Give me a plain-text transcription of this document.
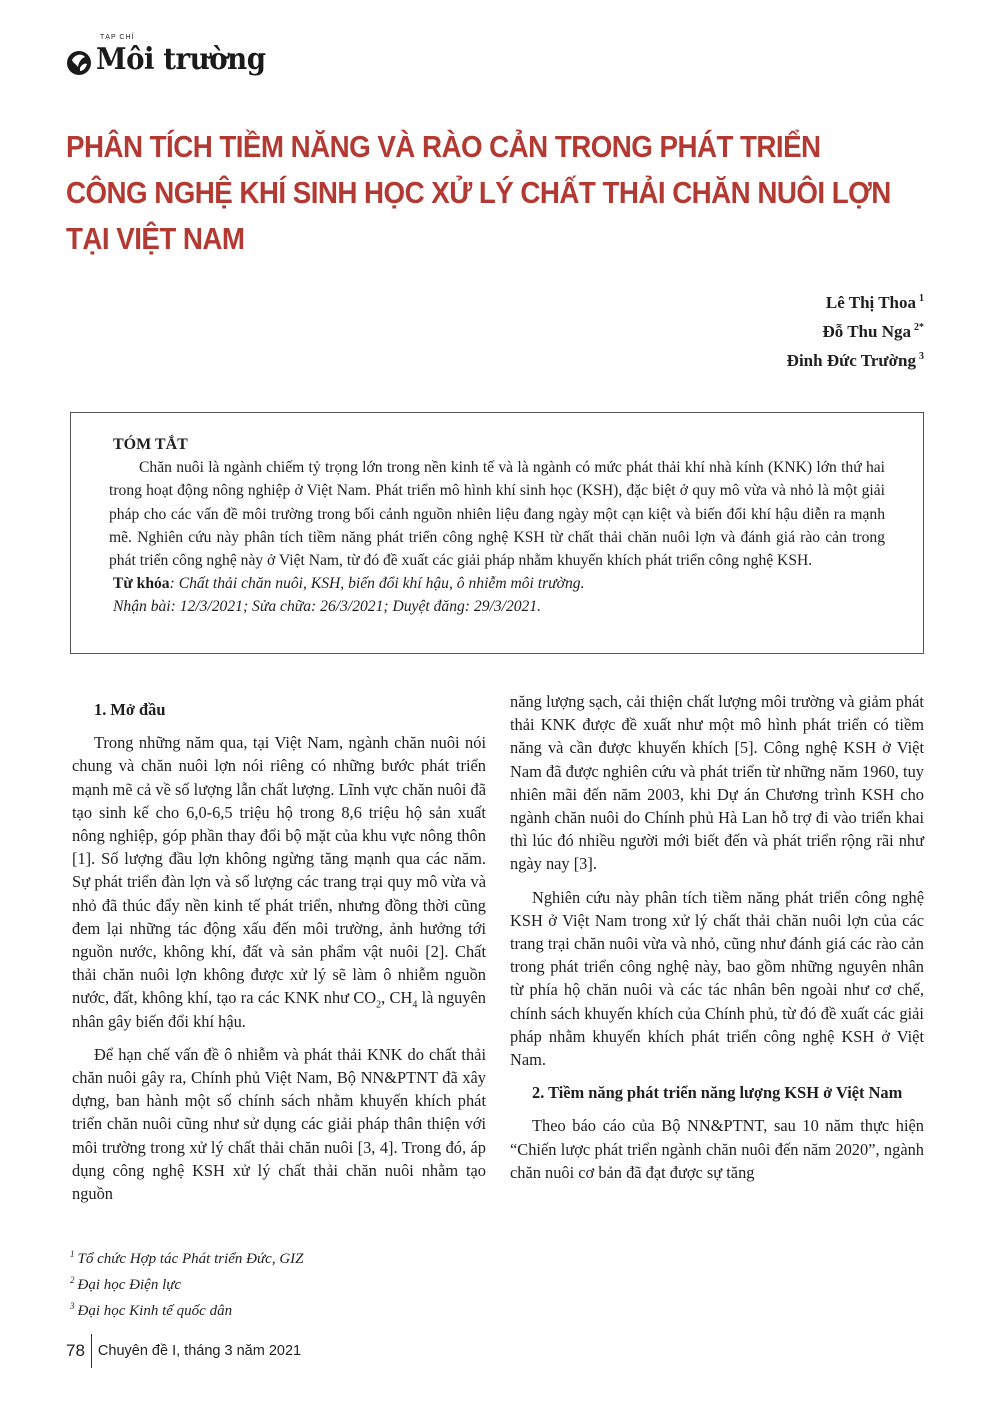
Môi trường
TẠP CHÍ
PHÂN TÍCH TIỀM NĂNG VÀ RÀO CẢN TRONG PHÁT TRIỂN
CÔNG NGHỆ KHÍ SINH HỌC XỬ LÝ CHẤT THẢI CHĂN NUÔI LỢN
TẠI VIỆT NAM
Lê Thị Thoa $^1$
Đỗ Thu Nga $^{2*}$
Đinh Đức Trường $^3$
TÓM TẮT

Chăn nuôi là ngành chiếm tỷ trọng lớn trong nền kinh tế và là ngành có mức phát thải khí nhà kính (KNK) lớn thứ hai trong hoạt động nông nghiệp ở Việt Nam. Phát triển mô hình khí sinh học (KSH), đặc biệt ở quy mô vừa và nhỏ là một giải pháp cho các vấn đề môi trường trong bối cảnh nguồn nhiên liệu đang ngày một cạn kiệt và biến đổi khí hậu diễn ra mạnh mẽ. Nghiên cứu này phân tích tiềm năng phát triển công nghệ KSH từ chất thải chăn nuôi lợn và đánh giá rào cản trong phát triển công nghệ này ở Việt Nam, từ đó đề xuất các giải pháp nhằm khuyến khích phát triển công nghệ KSH.

Từ khóa: Chất thải chăn nuôi, KSH, biến đổi khí hậu, ô nhiễm môi trường.

Nhận bài: 12/3/2021; Sửa chữa: 26/3/2021; Duyệt đăng: 29/3/2021.

1. Mở đầu

Trong những năm qua, tại Việt Nam, ngành chăn nuôi nói chung và chăn nuôi lợn nói riêng có những bước phát triển mạnh mẽ cả về số lượng lẫn chất lượng. Lĩnh vực chăn nuôi đã tạo sinh kế cho 6,0-6,5 triệu hộ trong 8,6 triệu hộ sản xuất nông nghiệp, góp phần thay đổi bộ mặt của khu vực nông thôn [1]. Số lượng đầu lợn không ngừng tăng mạnh qua các năm. Sự phát triển đàn lợn và số lượng các trang trại quy mô vừa và nhỏ đã thúc đẩy nền kinh tế phát triển, nhưng đồng thời cũng đem lại những tác động xấu đến môi trường, ảnh hưởng tới nguồn nước, không khí, đất và sản phẩm vật nuôi [2]. Chất thải chăn nuôi lợn không được xử lý sẽ làm ô nhiễm nguồn nước, đất, không khí, tạo ra các KNK như $CO_2$, $CH_4$ là nguyên nhân gây biến đổi khí hậu.

Để hạn chế vấn đề ô nhiễm và phát thải KNK do chất thải chăn nuôi gây ra, Chính phủ Việt Nam, Bộ NN&PTNT đã xây dựng, ban hành một số chính sách nhằm khuyến khích phát triển chăn nuôi cũng như sử dụng các giải pháp thân thiện với môi trường trong xử lý chất thải chăn nuôi [3, 4]. Trong đó, áp dụng công nghệ KSH xử lý chất thải chăn nuôi nhằm tạo nguồn

năng lượng sạch, cải thiện chất lượng môi trường và giảm phát thải KNK được đề xuất như một mô hình phát triển có tiềm năng và cần được khuyến khích [5]. Công nghệ KSH ở Việt Nam đã được nghiên cứu và phát triển từ những năm 1960, tuy nhiên mãi đến năm 2003, khi Dự án Chương trình KSH cho ngành chăn nuôi do Chính phủ Hà Lan hỗ trợ đi vào triển khai thì lúc đó nhiều người mới biết đến và phát triển rộng rãi như ngày nay [3].

Nghiên cứu này phân tích tiềm năng phát triển công nghệ KSH ở Việt Nam trong xử lý chất thải chăn nuôi lợn của các trang trại chăn nuôi vừa và nhỏ, cũng như đánh giá các rào cản trong phát triển công nghệ này, bao gồm những nguyên nhân từ phía hộ chăn nuôi và các tác nhân bên ngoài như cơ chế, chính sách khuyến khích của Chính phủ, từ đó đề xuất các giải pháp nhằm khuyến khích phát triển công nghệ KSH ở Việt Nam.

2. Tiềm năng phát triển năng lượng KSH ở Việt Nam

Theo báo cáo của Bộ NN&PTNT, sau 10 năm thực hiện “Chiến lược phát triển ngành chăn nuôi đến năm 2020”, ngành chăn nuôi cơ bản đã đạt được sự tăng

$^1$ Tổ chức Hợp tác Phát triển Đức, GIZ
$^2$ Đại học Điện lực
$^3$ Đại học Kinh tế quốc dân
78 Chuyên đề I, tháng 3 năm 2021
